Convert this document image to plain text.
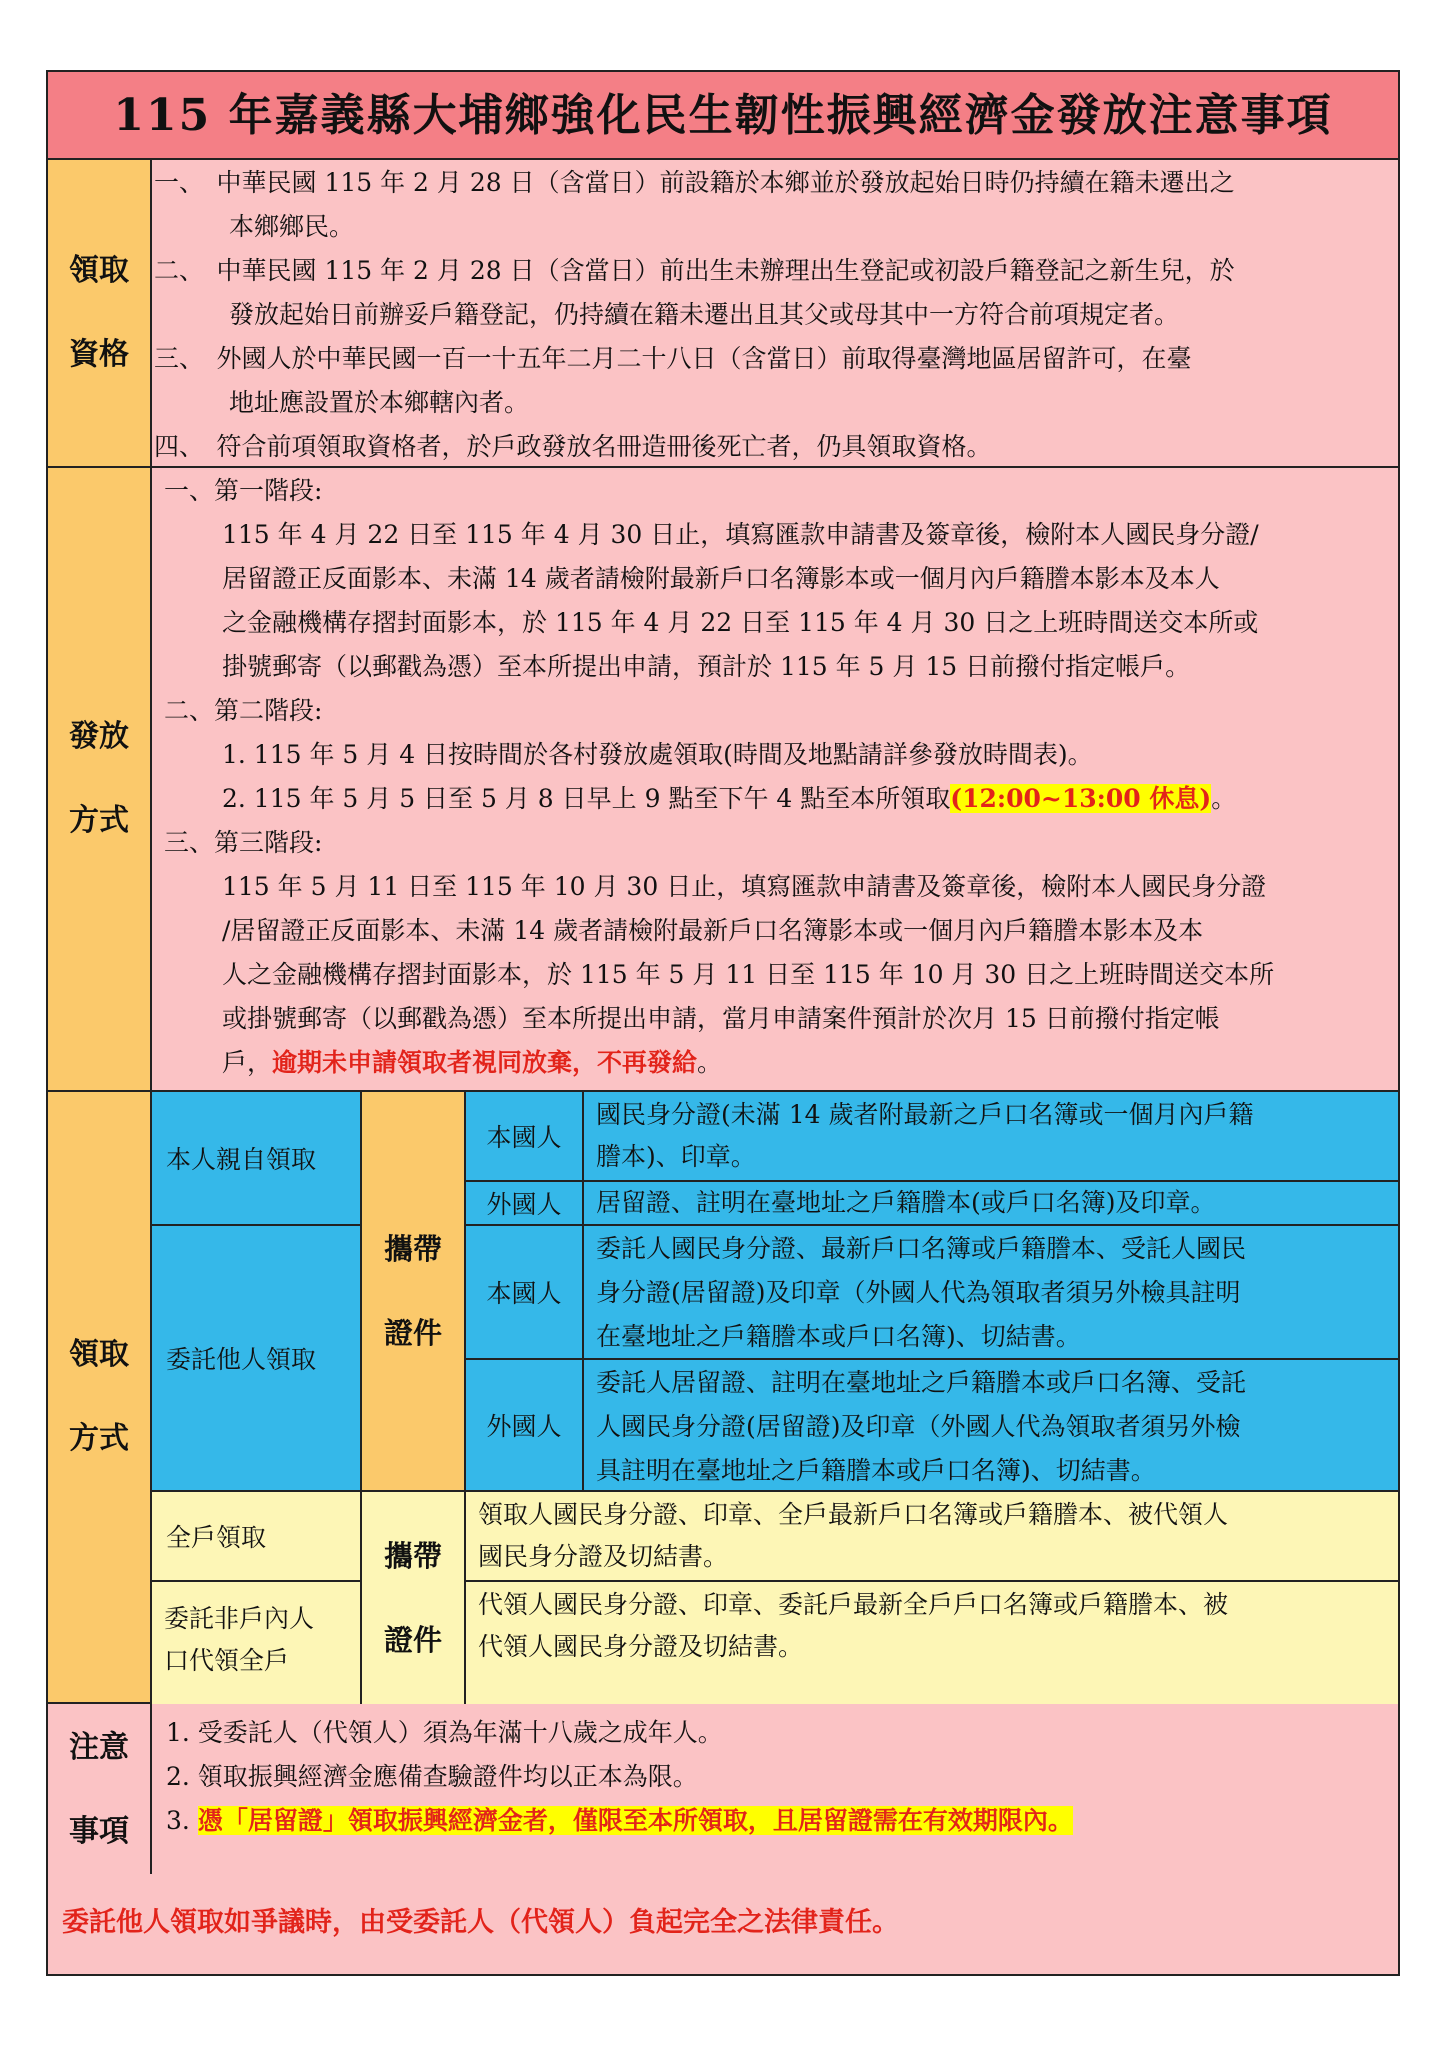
115 年嘉義縣大埔鄉強化民生韌性振興經濟金發放注意事項
領取
資格
一、　中華民國 115 年 2 月 28 日（含當日）前設籍於本鄉並於發放起始日時仍持續在籍未遷出之
　　　本鄉鄉民。
二、　中華民國 115 年 2 月 28 日（含當日）前出生未辦理出生登記或初設戶籍登記之新生兒，於
　　　發放起始日前辦妥戶籍登記，仍持續在籍未遷出且其父或母其中一方符合前項規定者。
三、　外國人於中華民國一百一十五年二月二十八日（含當日）前取得臺灣地區居留許可，在臺
　　　地址應設置於本鄉轄內者。
四、　符合前項領取資格者，於戶政發放名冊造冊後死亡者，仍具領取資格。
發放
方式
一、第一階段:
115 年 4 月 22 日至 115 年 4 月 30 日止，填寫匯款申請書及簽章後，檢附本人國民身分證/
居留證正反面影本、未滿 14 歲者請檢附最新戶口名簿影本或一個月內戶籍謄本影本及本人
之金融機構存摺封面影本，於 115 年 4 月 22 日至 115 年 4 月 30 日之上班時間送交本所或
掛號郵寄（以郵戳為憑）至本所提出申請，預計於 115 年 5 月 15 日前撥付指定帳戶。
二、第二階段:
1. 115 年 5 月 4 日按時間於各村發放處領取(時間及地點請詳參發放時間表)。
2. 115 年 5 月 5 日至 5 月 8 日早上 9 點至下午 4 點至本所領取(12:00~13:00 休息)。
三、第三階段:
115 年 5 月 11 日至 115 年 10 月 30 日止，填寫匯款申請書及簽章後，檢附本人國民身分證
/居留證正反面影本、未滿 14 歲者請檢附最新戶口名簿影本或一個月內戶籍謄本影本及本
人之金融機構存摺封面影本，於 115 年 5 月 11 日至 115 年 10 月 30 日之上班時間送交本所
或掛號郵寄（以郵戳為憑）至本所提出申請，當月申請案件預計於次月 15 日前撥付指定帳
戶，逾期未申請領取者視同放棄，不再發給。
領取
方式
本人親自領取
委託他人領取
全戶領取
委託非戶內人
口代領全戶
攜帶
證件
攜帶
證件
本國人
外國人
本國人
外國人
國民身分證(未滿 14 歲者附最新之戶口名簿或一個月內戶籍
謄本)、印章。
居留證、註明在臺地址之戶籍謄本(或戶口名簿)及印章。
委託人國民身分證、最新戶口名簿或戶籍謄本、受託人國民
身分證(居留證)及印章（外國人代為領取者須另外檢具註明
在臺地址之戶籍謄本或戶口名簿)、切結書。
委託人居留證、註明在臺地址之戶籍謄本或戶口名簿、受託
人國民身分證(居留證)及印章（外國人代為領取者須另外檢
具註明在臺地址之戶籍謄本或戶口名簿)、切結書。
領取人國民身分證、印章、全戶最新戶口名簿或戶籍謄本、被代領人
國民身分證及切結書。
代領人國民身分證、印章、委託戶最新全戶戶口名簿或戶籍謄本、被
代領人國民身分證及切結書。
注意
事項
1. 受委託人（代領人）須為年滿十八歲之成年人。
2. 領取振興經濟金應備查驗證件均以正本為限。
3. 憑「居留證」領取振興經濟金者，僅限至本所領取，且居留證需在有效期限內。
委託他人領取如爭議時，由受委託人（代領人）負起完全之法律責任。
